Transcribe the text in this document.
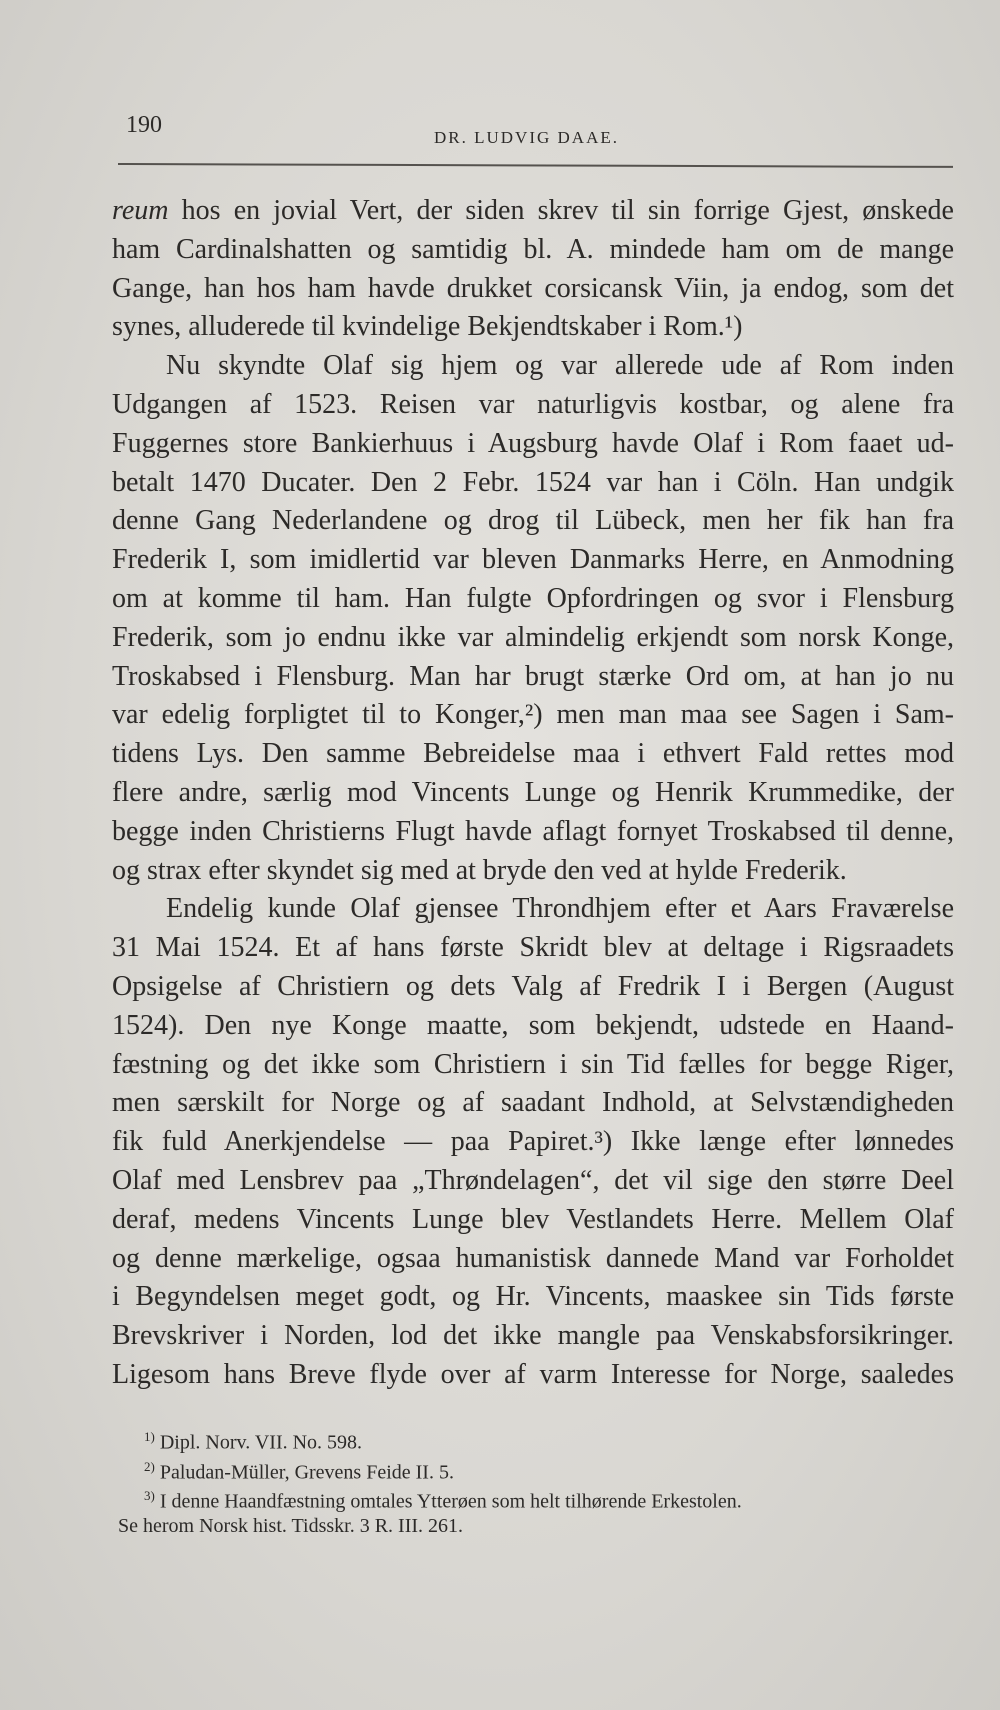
190	DR. LUDVIG DAAE.
reum hos en jovial Vert, der siden skrev til sin forrige Gjest, ønskede
ham Cardinalshatten og samtidig bl. A. mindede ham om de mange
Gange, han hos ham havde drukket corsicansk Viin, ja endog, som det
synes, alluderede til kvindelige Bekjendtskaber i Rom.¹)
Nu skyndte Olaf sig hjem og var allerede ude af Rom inden
Udgangen af 1523. Reisen var naturligvis kostbar, og alene fra
Fuggernes store Bankierhuus i Augsburg havde Olaf i Rom faaet ud-
betalt 1470 Ducater. Den 2 Febr. 1524 var han i Cöln. Han undgik
denne Gang Nederlandene og drog til Lübeck, men her fik han fra
Frederik I, som imidlertid var bleven Danmarks Herre, en Anmodning
om at komme til ham. Han fulgte Opfordringen og svor i Flensburg
Frederik, som jo endnu ikke var almindelig erkjendt som norsk Konge,
Troskabsed i Flensburg. Man har brugt stærke Ord om, at han jo nu
var edelig forpligtet til to Konger,²) men man maa see Sagen i Sam-
tidens Lys. Den samme Bebreidelse maa i ethvert Fald rettes mod
flere andre, særlig mod Vincents Lunge og Henrik Krummedike, der
begge inden Christierns Flugt havde aflagt fornyet Troskabsed til denne,
og strax efter skyndet sig med at bryde den ved at hylde Frederik.
Endelig kunde Olaf gjensee Throndhjem efter et Aars Fraværelse
31 Mai 1524. Et af hans første Skridt blev at deltage i Rigsraadets
Opsigelse af Christiern og dets Valg af Fredrik I i Bergen (August
1524). Den nye Konge maatte, som bekjendt, udstede en Haand-
fæstning og det ikke som Christiern i sin Tid fælles for begge Riger,
men særskilt for Norge og af saadant Indhold, at Selvstændigheden
fik fuld Anerkjendelse — paa Papiret.³) Ikke længe efter lønnedes
Olaf med Lensbrev paa „Thrøndelagen“, det vil sige den større Deel
deraf, medens Vincents Lunge blev Vestlandets Herre. Mellem Olaf
og denne mærkelige, ogsaa humanistisk dannede Mand var Forholdet
i Begyndelsen meget godt, og Hr. Vincents, maaskee sin Tids første
Brevskriver i Norden, lod det ikke mangle paa Venskabsforsikringer.
Ligesom hans Breve flyde over af varm Interesse for Norge, saaledes
$^{1)}$ Dipl. Norv. VII. No. 598.
$^{2)}$ Paludan-Müller, Grevens Feide II. 5.
$^{3)}$ I denne Haandfæstning omtales Ytterøen som helt tilhørende Erkestolen.
Se herom Norsk hist. Tidsskr. 3 R. III. 261.
